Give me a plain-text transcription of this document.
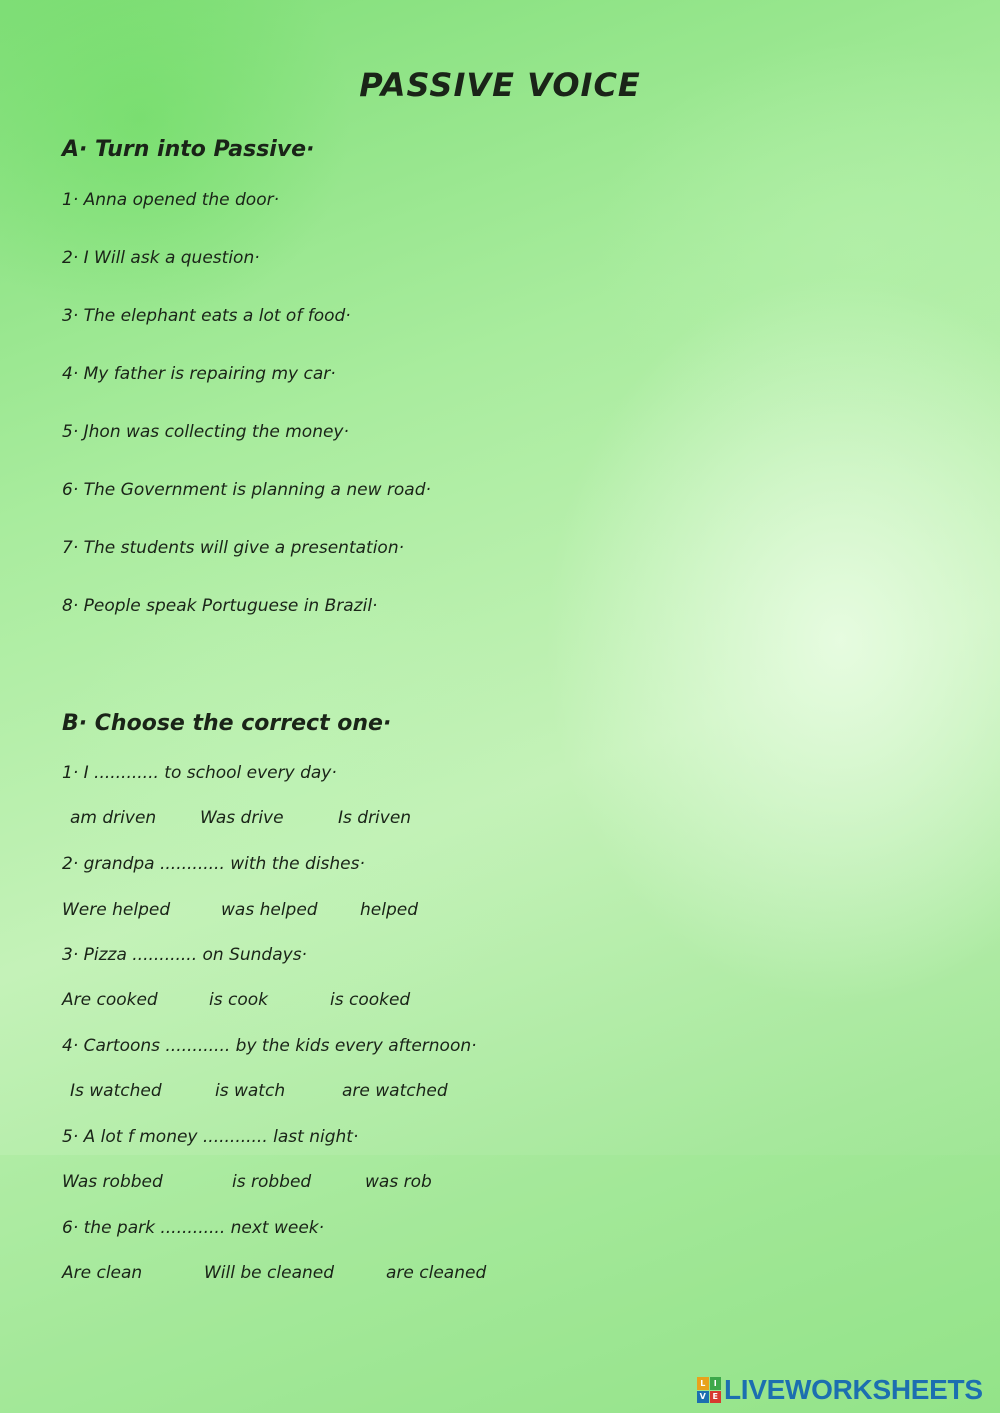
PASSIVE VOICE
A· Turn into Passive·
1· Anna opened the door·
2· I Will ask a question·
3· The elephant eats a lot of food·
4· My father is repairing my car·
5· Jhon was collecting the money·
6· The Government is planning a new road·
7· The students will give a presentation·
8· People speak Portuguese in Brazil·
B· Choose the correct one·
1· I ............ to school every day·
am driven	Was drive	Is driven
2· grandpa ............ with the dishes·
Were helped	was helped helped
3· Pizza ............ on Sundays·
Are cooked	is cook	is cooked
4· Cartoons ............ by the kids every afternoon·
Is watched	is watch	are watched
5· A lot f money ............ last night·
Was robbed	is robbed	was rob
6· the park ............ next week·
Are clean	Will be cleaned	are cleaned
L	I
V E LIVEWORKSHEETS
